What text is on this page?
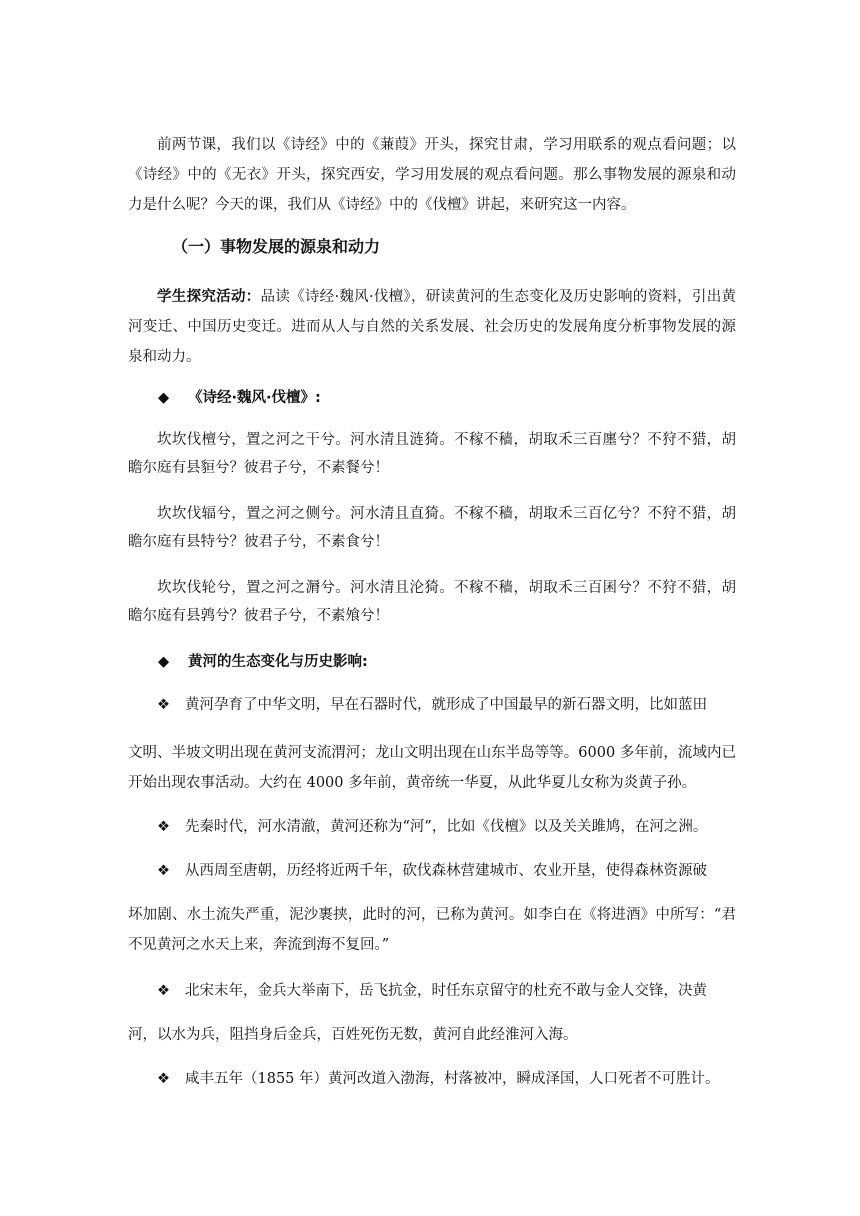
前两节课，我们以《诗经》中的《蒹葭》开头，探究甘肃，学习用联系的观点看问题；以《诗经》中的《无衣》开头，探究西安，学习用发展的观点看问题。那么事物发展的源泉和动力是什么呢？今天的课，我们从《诗经》中的《伐檀》讲起，来研究这一内容。

（一）事物发展的源泉和动力

学生探究活动：品读《诗经·魏风·伐檀》，研读黄河的生态变化及历史影响的资料，引出黄河变迁、中国历史变迁。进而从人与自然的关系发展、社会历史的发展角度分析事物发展的源泉和动力。

◆ 《诗经·魏风·伐檀》:

坎坎伐檀兮，置之河之干兮。河水清且涟猗。不稼不穑，胡取禾三百廛兮？不狩不猎，胡瞻尔庭有县貆兮？彼君子兮，不素餐兮！

坎坎伐辐兮，置之河之侧兮。河水清且直猗。不稼不穑，胡取禾三百亿兮？不狩不猎，胡瞻尔庭有县特兮？彼君子兮，不素食兮！

坎坎伐轮兮，置之河之漘兮。河水清且沦猗。不稼不穑，胡取禾三百囷兮？不狩不猎，胡瞻尔庭有县鹑兮？彼君子兮，不素飧兮！

◆ 黄河的生态变化与历史影响:

❖ 黄河孕育了中华文明，早在石器时代，就形成了中国最早的新石器文明，比如蓝田

文明、半坡文明出现在黄河支流渭河；龙山文明出现在山东半岛等等。6000 多年前，流域内已开始出现农事活动。大约在 4000 多年前，黄帝统一华夏，从此华夏儿女称为炎黄子孙。

❖ 先秦时代，河水清澈，黄河还称为“河”，比如《伐檀》以及关关雎鸠，在河之洲。

❖ 从西周至唐朝，历经将近两千年，砍伐森林营建城市、农业开垦，使得森林资源破

坏加剧、水土流失严重，泥沙裹挟，此时的河，已称为黄河。如李白在《将进酒》中所写：“君不见黄河之水天上来，奔流到海不复回。”

❖ 北宋末年，金兵大举南下，岳飞抗金，时任东京留守的杜充不敢与金人交锋，决黄

河，以水为兵，阻挡身后金兵，百姓死伤无数，黄河自此经淮河入海。

❖ 咸丰五年（1855 年）黄河改道入渤海，村落被冲，瞬成泽国，人口死者不可胜计。
